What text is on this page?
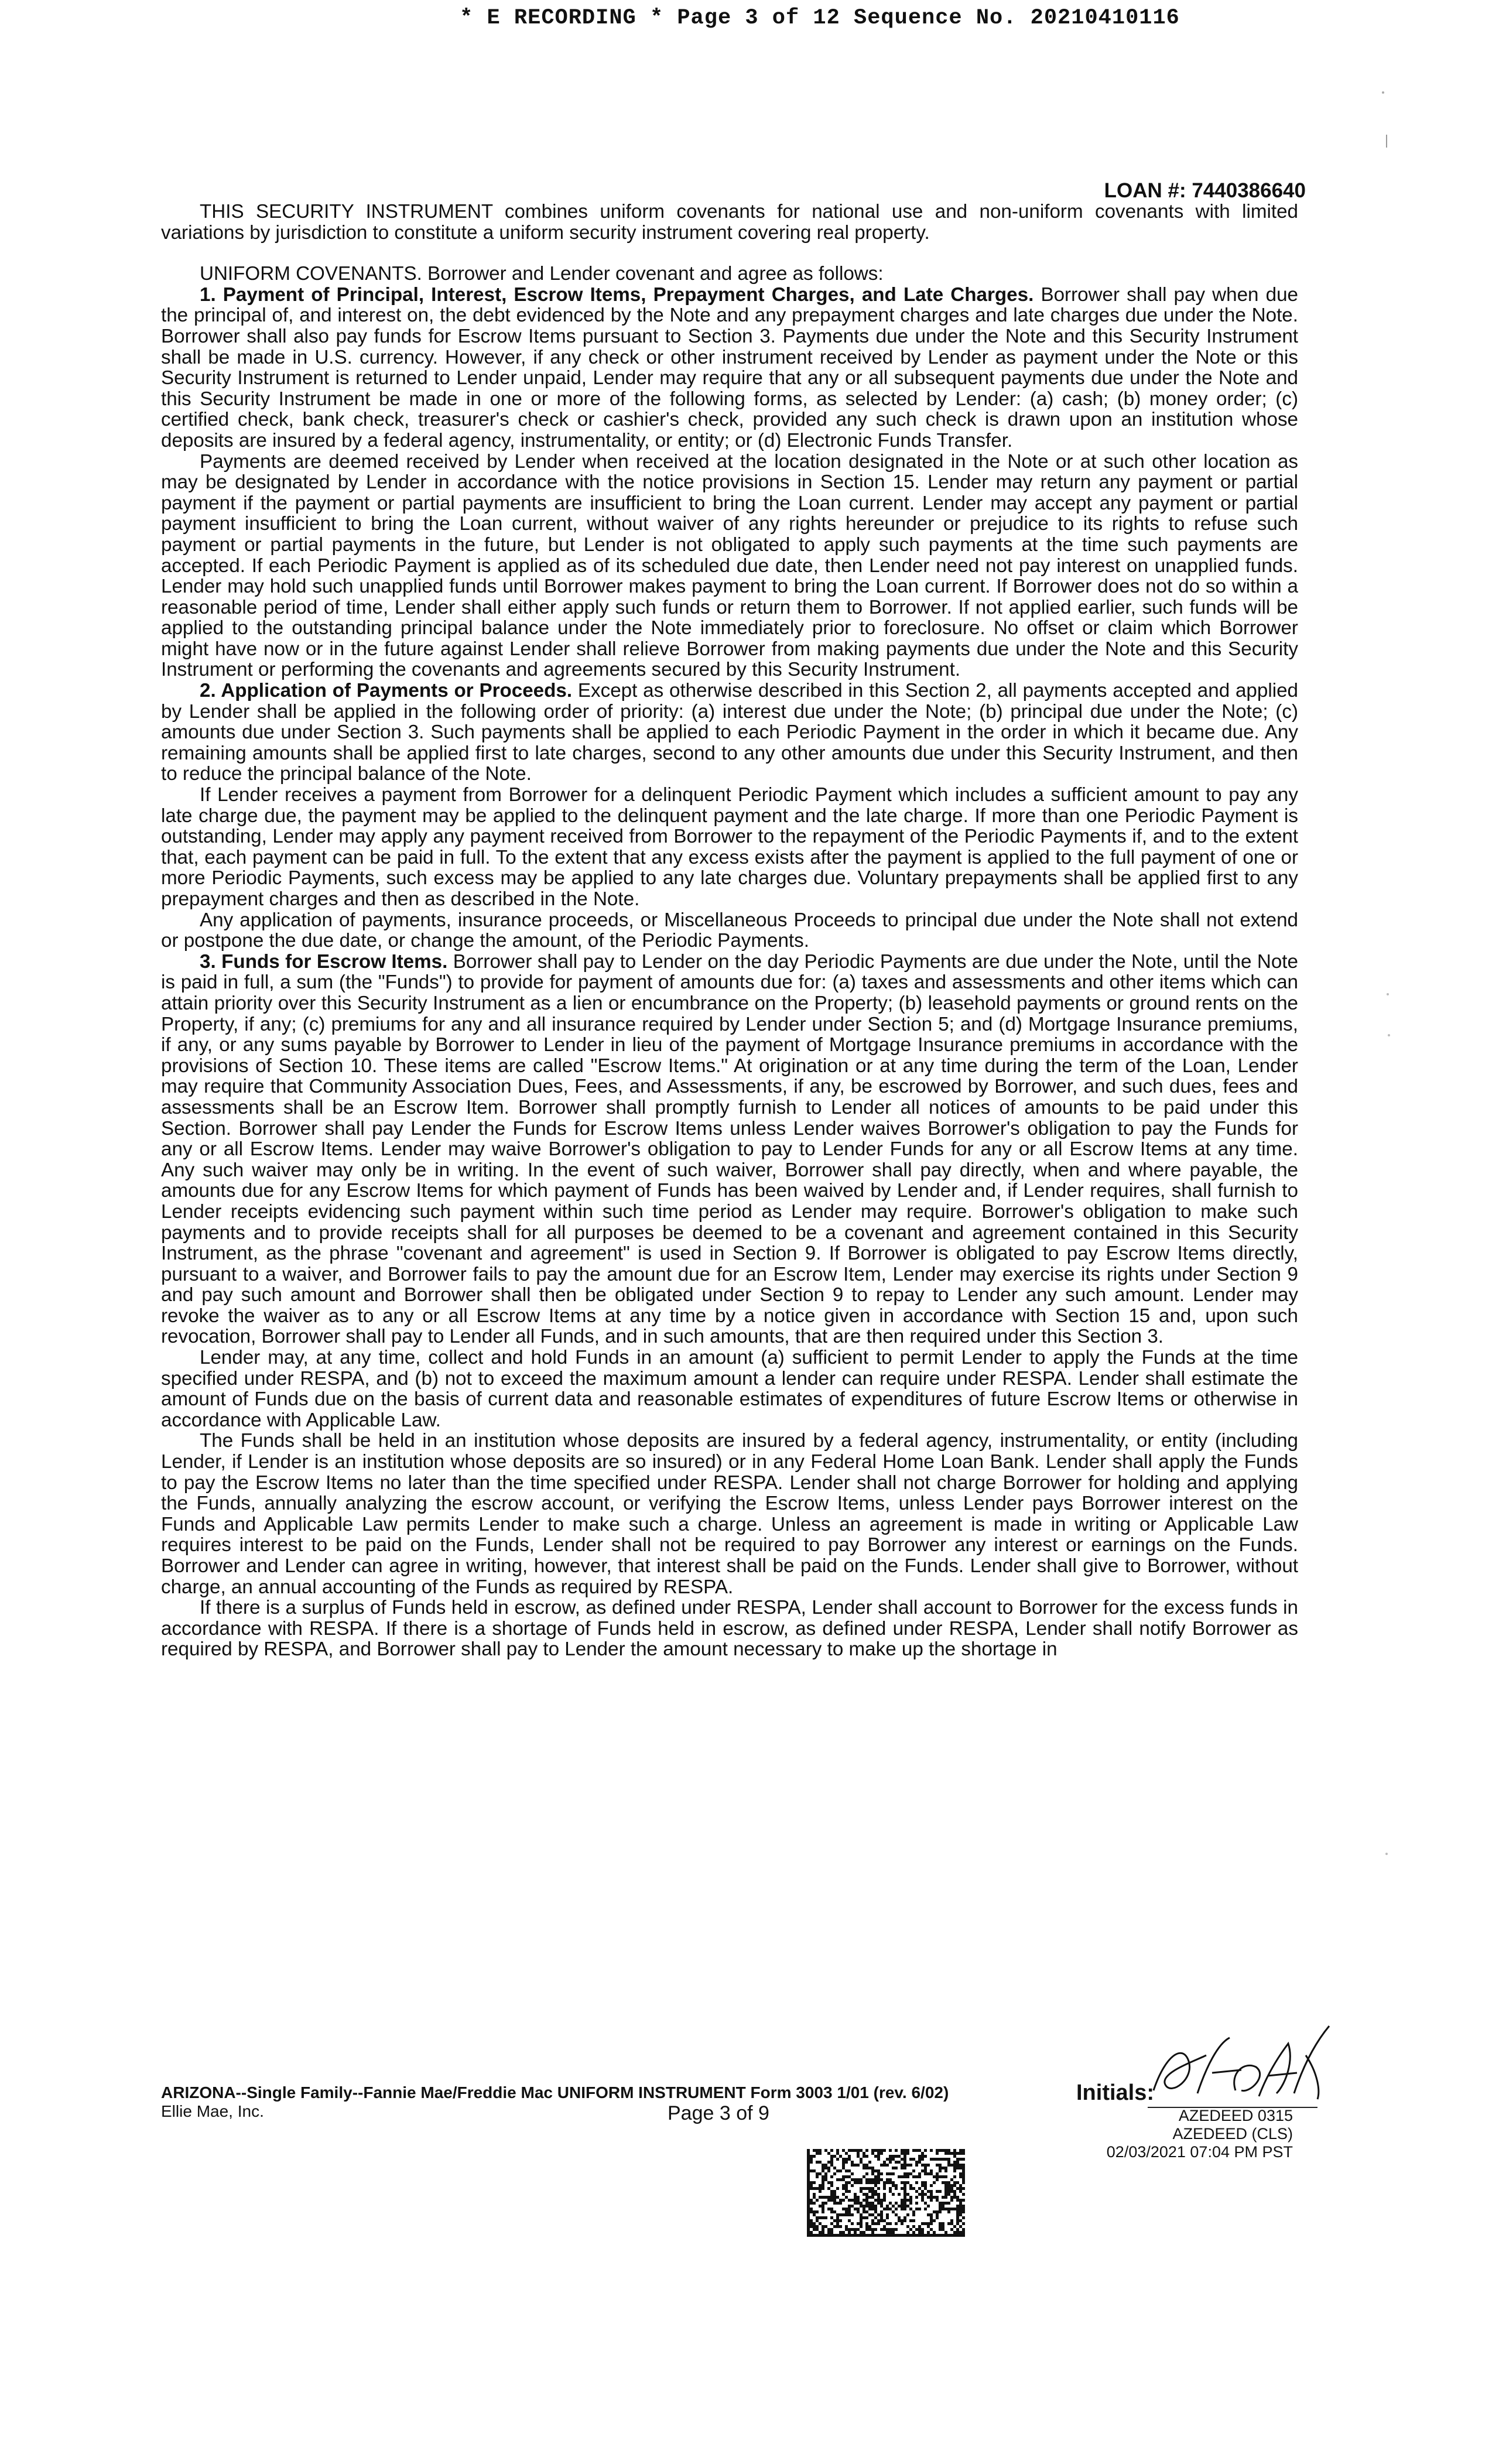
* E RECORDING * Page 3 of 12 Sequence No. 20210410116
LOAN #: 7440386640

THIS SECURITY INSTRUMENT combines uniform covenants for national use and non-uniform covenants with limited variations by jurisdiction to constitute a uniform security instrument covering real property.

UNIFORM COVENANTS. Borrower and Lender covenant and agree as follows:

1. Payment of Principal, Interest, Escrow Items, Prepayment Charges, and Late Charges. Borrower shall pay when due the principal of, and interest on, the debt evidenced by the Note and any prepayment charges and late charges due under the Note. Borrower shall also pay funds for Escrow Items pursuant to Section 3. Payments due under the Note and this Security Instrument shall be made in U.S. currency. However, if any check or other instrument received by Lender as payment under the Note or this Security Instrument is returned to Lender unpaid, Lender may require that any or all subsequent payments due under the Note and this Security Instrument be made in one or more of the following forms, as selected by Lender: (a) cash; (b) money order; (c) certified check, bank check, treasurer's check or cashier's check, provided any such check is drawn upon an institution whose deposits are insured by a federal agency, instrumentality, or entity; or (d) Electronic Funds Transfer.

Payments are deemed received by Lender when received at the location designated in the Note or at such other location as may be designated by Lender in accordance with the notice provisions in Section 15. Lender may return any payment or partial payment if the payment or partial payments are insufficient to bring the Loan current. Lender may accept any payment or partial payment insufficient to bring the Loan current, without waiver of any rights hereunder or prejudice to its rights to refuse such payment or partial payments in the future, but Lender is not obligated to apply such payments at the time such payments are accepted. If each Periodic Payment is applied as of its scheduled due date, then Lender need not pay interest on unapplied funds. Lender may hold such unapplied funds until Borrower makes payment to bring the Loan current. If Borrower does not do so within a reasonable period of time, Lender shall either apply such funds or return them to Borrower. If not applied earlier, such funds will be applied to the outstanding principal balance under the Note immediately prior to foreclosure. No offset or claim which Borrower might have now or in the future against Lender shall relieve Borrower from making payments due under the Note and this Security Instrument or performing the covenants and agreements secured by this Security Instrument.

2. Application of Payments or Proceeds. Except as otherwise described in this Section 2, all payments accepted and applied by Lender shall be applied in the following order of priority: (a) interest due under the Note; (b) principal due under the Note; (c) amounts due under Section 3. Such payments shall be applied to each Periodic Payment in the order in which it became due. Any remaining amounts shall be applied first to late charges, second to any other amounts due under this Security Instrument, and then to reduce the principal balance of the Note.

If Lender receives a payment from Borrower for a delinquent Periodic Payment which includes a sufficient amount to pay any late charge due, the payment may be applied to the delinquent payment and the late charge. If more than one Periodic Payment is outstanding, Lender may apply any payment received from Borrower to the repayment of the Periodic Payments if, and to the extent that, each payment can be paid in full. To the extent that any excess exists after the payment is applied to the full payment of one or more Periodic Payments, such excess may be applied to any late charges due. Voluntary prepayments shall be applied first to any prepayment charges and then as described in the Note.

Any application of payments, insurance proceeds, or Miscellaneous Proceeds to principal due under the Note shall not extend or postpone the due date, or change the amount, of the Periodic Payments.

3. Funds for Escrow Items. Borrower shall pay to Lender on the day Periodic Payments are due under the Note, until the Note is paid in full, a sum (the "Funds") to provide for payment of amounts due for: (a) taxes and assessments and other items which can attain priority over this Security Instrument as a lien or encumbrance on the Property; (b) leasehold payments or ground rents on the Property, if any; (c) premiums for any and all insurance required by Lender under Section 5; and (d) Mortgage Insurance premiums, if any, or any sums payable by Borrower to Lender in lieu of the payment of Mortgage Insurance premiums in accordance with the provisions of Section 10. These items are called "Escrow Items." At origination or at any time during the term of the Loan, Lender may require that Community Association Dues, Fees, and Assessments, if any, be escrowed by Borrower, and such dues, fees and assessments shall be an Escrow Item. Borrower shall promptly furnish to Lender all notices of amounts to be paid under this Section. Borrower shall pay Lender the Funds for Escrow Items unless Lender waives Borrower's obligation to pay the Funds for any or all Escrow Items. Lender may waive Borrower's obligation to pay to Lender Funds for any or all Escrow Items at any time. Any such waiver may only be in writing. In the event of such waiver, Borrower shall pay directly, when and where payable, the amounts due for any Escrow Items for which payment of Funds has been waived by Lender and, if Lender requires, shall furnish to Lender receipts evidencing such payment within such time period as Lender may require. Borrower's obligation to make such payments and to provide receipts shall for all purposes be deemed to be a covenant and agreement contained in this Security Instrument, as the phrase "covenant and agreement" is used in Section 9. If Borrower is obligated to pay Escrow Items directly, pursuant to a waiver, and Borrower fails to pay the amount due for an Escrow Item, Lender may exercise its rights under Section 9 and pay such amount and Borrower shall then be obligated under Section 9 to repay to Lender any such amount. Lender may revoke the waiver as to any or all Escrow Items at any time by a notice given in accordance with Section 15 and, upon such revocation, Borrower shall pay to Lender all Funds, and in such amounts, that are then required under this Section 3.

Lender may, at any time, collect and hold Funds in an amount (a) sufficient to permit Lender to apply the Funds at the time specified under RESPA, and (b) not to exceed the maximum amount a lender can require under RESPA. Lender shall estimate the amount of Funds due on the basis of current data and reasonable estimates of expenditures of future Escrow Items or otherwise in accordance with Applicable Law.

The Funds shall be held in an institution whose deposits are insured by a federal agency, instrumentality, or entity (including Lender, if Lender is an institution whose deposits are so insured) or in any Federal Home Loan Bank. Lender shall apply the Funds to pay the Escrow Items no later than the time specified under RESPA. Lender shall not charge Borrower for holding and applying the Funds, annually analyzing the escrow account, or verifying the Escrow Items, unless Lender pays Borrower interest on the Funds and Applicable Law permits Lender to make such a charge. Unless an agreement is made in writing or Applicable Law requires interest to be paid on the Funds, Lender shall not be required to pay Borrower any interest or earnings on the Funds. Borrower and Lender can agree in writing, however, that interest shall be paid on the Funds. Lender shall give to Borrower, without charge, an annual accounting of the Funds as required by RESPA.

If there is a surplus of Funds held in escrow, as defined under RESPA, Lender shall account to Borrower for the excess funds in accordance with RESPA. If there is a shortage of Funds held in escrow, as defined under RESPA, Lender shall notify Borrower as required by RESPA, and Borrower shall pay to Lender the amount necessary to make up the shortage in

ARIZONA--Single Family--Fannie Mae/Freddie Mac UNIFORM INSTRUMENT Form 3003 1/01 (rev. 6/02)
Ellie Mae, Inc.	Page 3 of 9
Initials:
AZEDEED 0315
AZEDEED (CLS)
02/03/2021 07:04 PM PST
